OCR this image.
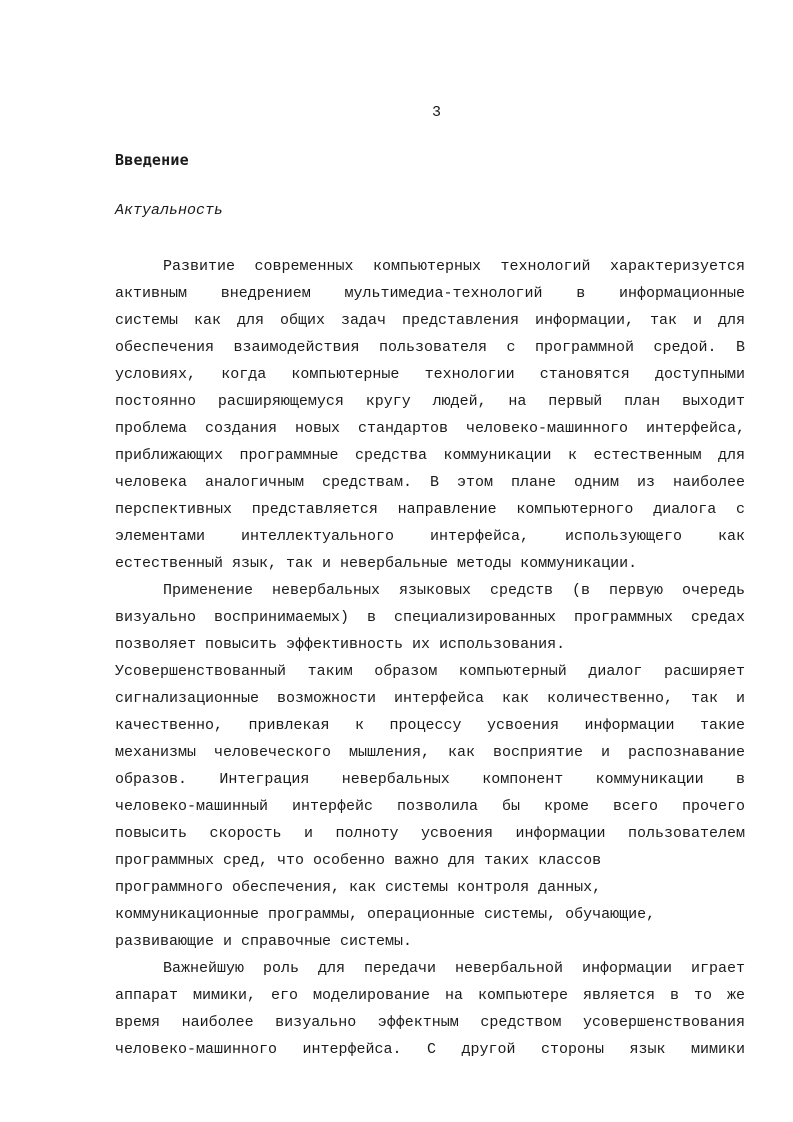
3
Введение
Актуальность
Развитие современных компьютерных технологий характеризуется
активным внедрением мультимедиа-технологий в информационные
системы как для общих задач представления информации, так и для
обеспечения взаимодействия пользователя с программной средой. В
условиях, когда компьютерные технологии становятся доступными
постоянно расширяющемуся кругу людей, на первый план выходит
проблема создания новых стандартов человеко-машинного интерфейса,
приближающих программные средства коммуникации к естественным для
человека аналогичным средствам. В этом плане одним из наиболее
перспективных представляется направление компьютерного диалога с
элементами интеллектуального интерфейса, использующего как
естественный язык, так и невербальные методы коммуникации.
Применение невербальных языковых средств (в первую очередь
визуально воспринимаемых) в специализированных программных средах
позволяет повысить эффективность их использования.
Усовершенствованный таким образом компьютерный диалог расширяет
сигнализационные возможности интерфейса как количественно, так и
качественно, привлекая к процессу усвоения информации такие
механизмы человеческого мышления, как восприятие и распознавание
образов. Интеграция невербальных компонент коммуникации в
человеко-машинный интерфейс позволила бы кроме всего прочего
повысить скорость и полноту усвоения информации пользователем
программных сред, что особенно важно для таких классов
программного обеспечения, как системы контроля данных,
коммуникационные программы, операционные системы, обучающие,
развивающие и справочные системы.
Важнейшую роль для передачи невербальной информации играет
аппарат мимики, его моделирование на компьютере является в то же
время наиболее визуально эффектным средством усовершенствования
человеко-машинного интерфейса. С другой стороны язык мимики
